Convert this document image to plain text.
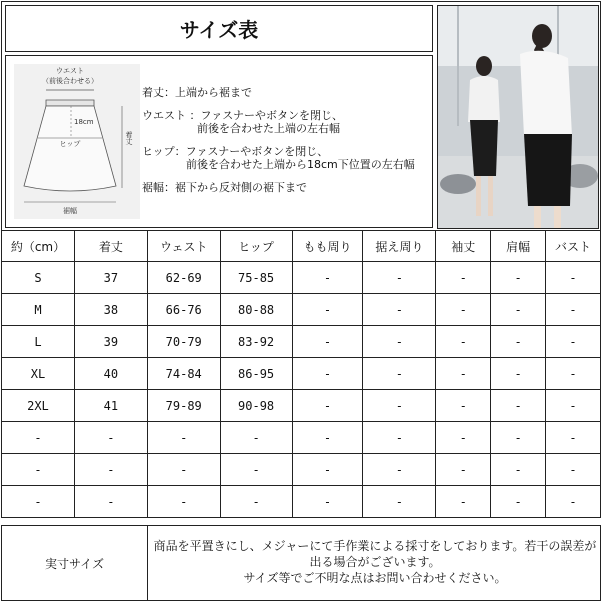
サイズ表
ウエスト
（前後合わせる）
18cm
ヒップ	着丈
裾幅
着丈：上端から裾まで
ウエスト ：ファスナーやボタンを閉じ、
　　　　　前後を合わせた上端の左右幅
ヒップ：ファスナーやボタンを閉じ、
　　　　前後を合わせた上端から18cm下位置の左右幅
裾幅：裾下から反対側の裾下まで
約（cm）	着丈	ウェスト	ヒップ	もも周り	据え周り	袖丈	肩幅	バスト
S	37	62-69	75-85	-	-	-	-	-
M	38	66-76	80-88	-	-	-	-	-
L	39	70-79	83-92	-	-	-	-	-
XL	40	74-84	86-95	-	-	-	-	-
2XL	41	79-89	90-98	-	-	-	-	-
-	-	-	-	-	-	-	-	-
-	-	-	-	-	-	-	-	-
-	-	-	-	-	-	-	-	-
実寸サイズ
商品を平置きにし、メジャーにて手作業による採寸をしております。若干の誤差が出る場合がございます。
サイズ等でご不明な点はお問い合わせください。
